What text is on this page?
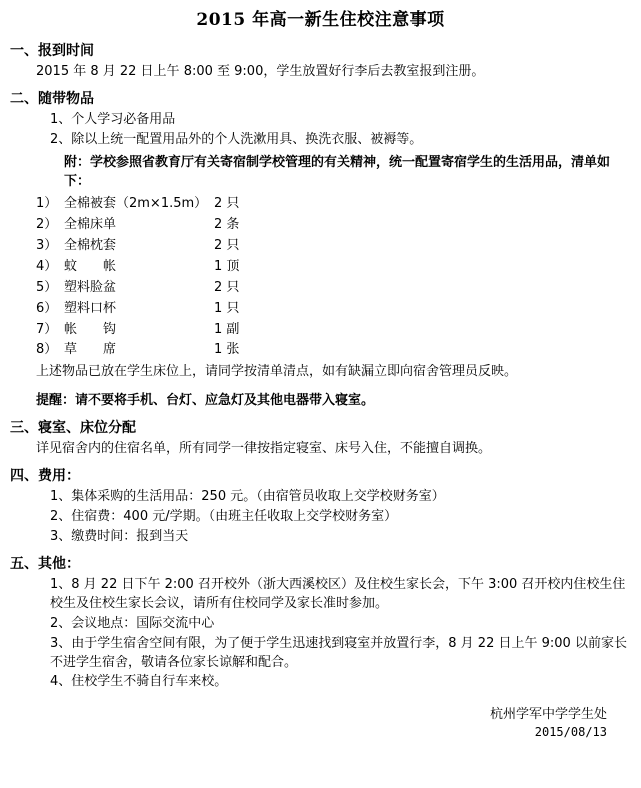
2015 年高一新生住校注意事项
一、报到时间
2015 年 8 月 22 日上午 8:00 至 9:00，学生放置好行李后去教室报到注册。
二、随带物品
1、个人学习必备用品
2、除以上统一配置用品外的个人洗漱用具、换洗衣服、被褥等。
附：学校参照省教育厅有关寄宿制学校管理的有关精神，统一配置寄宿学生的生活用品，清单如下：
1）	全棉被套（2m×1.5m）	2 只
2）	全棉床单	2 条
3）	全棉枕套	2 只
4）	蚊　　帐	1 顶
5）	塑料脸盆	2 只
6）	塑料口杯	1 只
7）	帐　　钩	1 副
8）	草　　席	1 张
上述物品已放在学生床位上，请同学按清单清点，如有缺漏立即向宿舍管理员反映。
提醒：请不要将手机、台灯、应急灯及其他电器带入寝室。
三、寝室、床位分配
详见宿舍内的住宿名单，所有同学一律按指定寝室、床号入住，不能擅自调换。
四、费用：
1、集体采购的生活用品：250 元。（由宿管员收取上交学校财务室）
2、住宿费：400 元/学期。（由班主任收取上交学校财务室）
3、缴费时间：报到当天
五、其他：
1、8 月 22 日下午 2:00 召开校外（浙大西溪校区）及住校生家长会，下午 3:00 召开校内住校生住校生及住校生家长会议，请所有住校同学及家长准时参加。
2、会议地点：国际交流中心
3、由于学生宿舍空间有限，为了便于学生迅速找到寝室并放置行李，8 月 22 日上午 9:00 以前家长不进学生宿舍，敬请各位家长谅解和配合。
4、住校学生不骑自行车来校。
杭州学军中学学生处
2015/08/13
